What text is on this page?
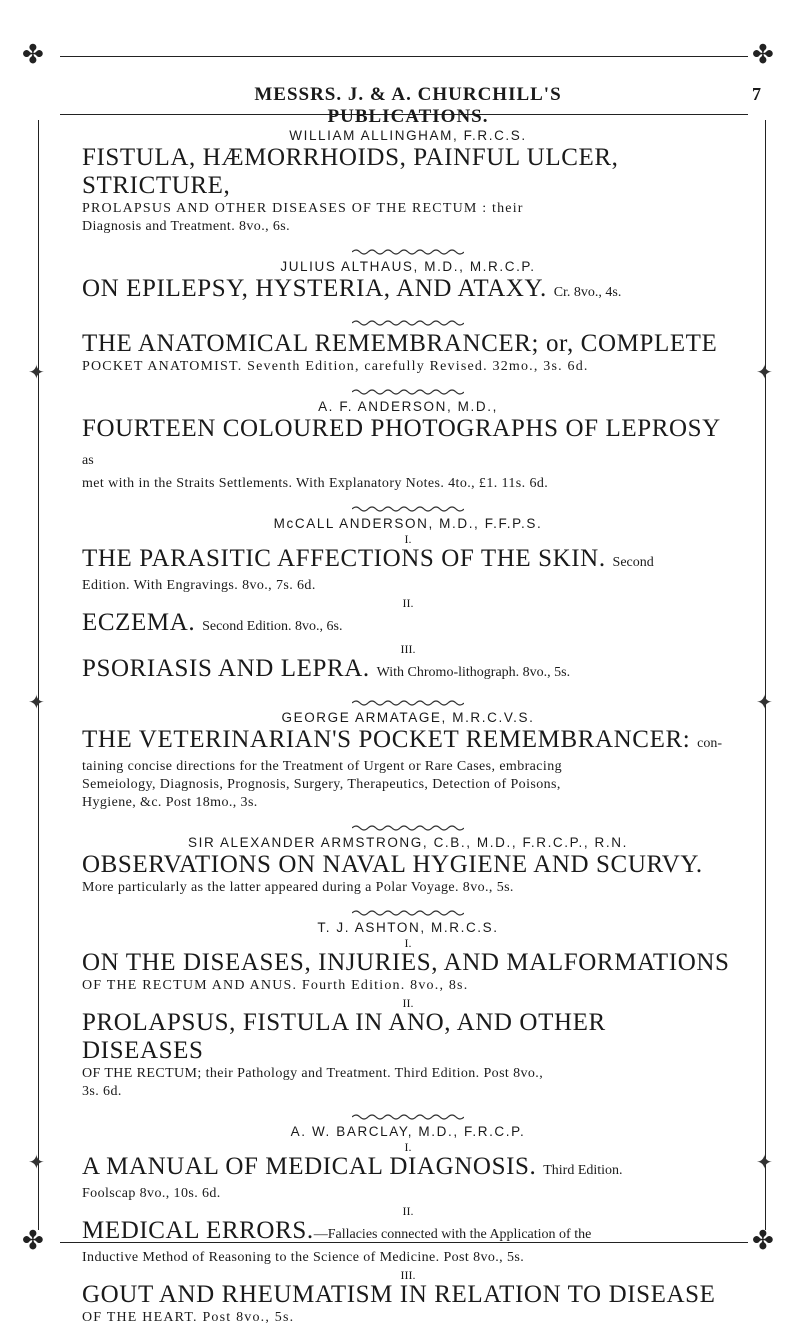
✤	✤
✦
✦
✦
✦
✦
✦
✤	✤
MESSRS. J. & A. CHURCHILL'S PUBLICATIONS.
7

WILLIAM ALLINGHAM, F.R.C.S.

FISTULA, HÆMORRHOIDS, PAINFUL ULCER, STRICTURE,

PROLAPSUS AND OTHER DISEASES OF THE RECTUM : their

Diagnosis and Treatment. 8vo., 6s.

JULIUS ALTHAUS, M.D., M.R.C.P.

ON EPILEPSY, HYSTERIA, AND ATAXY. Cr. 8vo., 4s.

THE ANATOMICAL REMEMBRANCER; or, COMPLETE

POCKET ANATOMIST. Seventh Edition, carefully Revised. 32mo., 3s. 6d.

A. F. ANDERSON, M.D.,

FOURTEEN COLOURED PHOTOGRAPHS OF LEPROSY as

met with in the Straits Settlements. With Explanatory Notes. 4to., £1. 11s. 6d.

McCALL ANDERSON, M.D., F.F.P.S.

I.

THE PARASITIC AFFECTIONS OF THE SKIN. Second

Edition. With Engravings. 8vo., 7s. 6d.

II.

ECZEMA. Second Edition. 8vo., 6s.

III.

PSORIASIS AND LEPRA. With Chromo-lithograph. 8vo., 5s.

GEORGE ARMATAGE, M.R.C.V.S.

THE VETERINARIAN'S POCKET REMEMBRANCER: con-

taining concise directions for the Treatment of Urgent or Rare Cases, embracing

Semeiology, Diagnosis, Prognosis, Surgery, Therapeutics, Detection of Poisons,

Hygiene, &c. Post 18mo., 3s.

SIR ALEXANDER ARMSTRONG, C.B., M.D., F.R.C.P., R.N.

OBSERVATIONS ON NAVAL HYGIENE AND SCURVY.

More particularly as the latter appeared during a Polar Voyage. 8vo., 5s.

T. J. ASHTON, M.R.C.S.

I.

ON THE DISEASES, INJURIES, AND MALFORMATIONS

OF THE RECTUM AND ANUS. Fourth Edition. 8vo., 8s.

II.

PROLAPSUS, FISTULA IN ANO, AND OTHER DISEASES

OF THE RECTUM; their Pathology and Treatment. Third Edition. Post 8vo.,

3s. 6d.

A. W. BARCLAY, M.D., F.R.C.P.

I.

A MANUAL OF MEDICAL DIAGNOSIS. Third Edition.

Foolscap 8vo., 10s. 6d.

II.

MEDICAL ERRORS.—Fallacies connected with the Application of the

Inductive Method of Reasoning to the Science of Medicine. Post 8vo., 5s.

III.

GOUT AND RHEUMATISM IN RELATION TO DISEASE

OF THE HEART. Post 8vo., 5s.
